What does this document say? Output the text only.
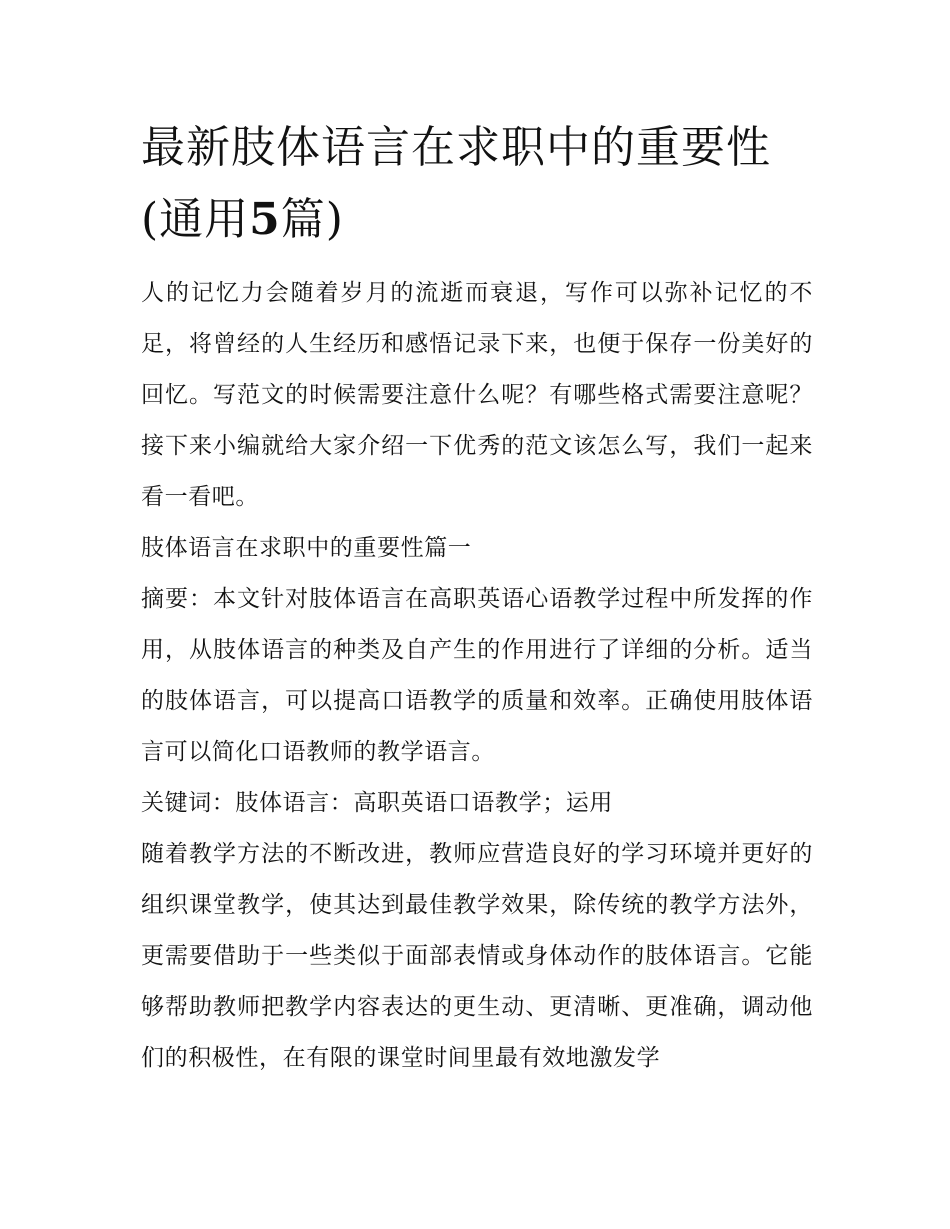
最新肢体语言在求职中的重要性(通用5篇)

人的记忆力会随着岁月的流逝而衰退，写作可以弥补记忆的不足，将曾经的人生经历和感悟记录下来，也便于保存一份美好的回忆。写范文的时候需要注意什么呢？有哪些格式需要注意呢？接下来小编就给大家介绍一下优秀的范文该怎么写，我们一起来看一看吧。

肢体语言在求职中的重要性篇一

摘要：本文针对肢体语言在高职英语心语教学过程中所发挥的作用，从肢体语言的种类及自产生的作用进行了详细的分析。适当的肢体语言，可以提高口语教学的质量和效率。正确使用肢体语言可以简化口语教师的教学语言。

关键词：肢体语言：高职英语口语教学；运用

随着教学方法的不断改进，教师应营造良好的学习环境并更好的组织课堂教学，使其达到最佳教学效果，除传统的教学方法外，更需要借助于一些类似于面部表情或身体动作的肢体语言。它能够帮助教师把教学内容表达的更生动、更清晰、更准确，调动他们的积极性，在有限的课堂时间里最有效地激发学
